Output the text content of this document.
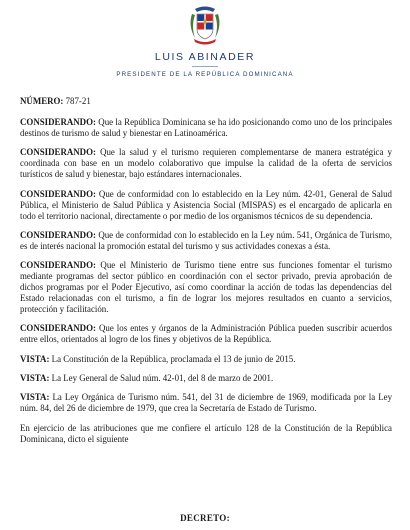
LUIS ABINADER
PRESIDENTE DE LA REPÚBLICA DOMINICANA

NÚMERO: 787-21

CONSIDERANDO: Que la República Dominicana se ha ido posicionando como uno de los principales destinos de turismo de salud y bienestar en Latinoamérica.

CONSIDERANDO: Que la salud y el turismo requieren complementarse de manera estratégica y coordinada con base en un modelo colaborativo que impulse la calidad de la oferta de servicios turísticos de salud y bienestar, bajo estándares internacionales.

CONSIDERANDO: Que de conformidad con lo establecido en la Ley núm. 42-01, General de Salud Pública, el Ministerio de Salud Pública y Asistencia Social (MISPAS) es el encargado de aplicarla en todo el territorio nacional, directamente o por medio de los organismos técnicos de su dependencia.

CONSIDERANDO: Que de conformidad con lo establecido en la Ley núm. 541, Orgánica de Turismo, es de interés nacional la promoción estatal del turismo y sus actividades conexas a ésta.

CONSIDERANDO: Que el Ministerio de Turismo tiene entre sus funciones fomentar el turismo mediante programas del sector público en coordinación con el sector privado, previa aprobación de dichos programas por el Poder Ejecutivo, así como coordinar la acción de todas las dependencias del Estado relacionadas con el turismo, a fin de lograr los mejores resultados en cuanto a servicios, protección y facilitación.

CONSIDERANDO: Que los entes y órganos de la Administración Pública pueden suscribir acuerdos entre ellos, orientados al logro de los fines y objetivos de la República.

VISTA: La Constitución de la República, proclamada el 13 de junio de 2015.

VISTA: La Ley General de Salud núm. 42-01, del 8 de marzo de 2001.

VISTA: La Ley Orgánica de Turismo núm. 541, del 31 de diciembre de 1969, modificada por la Ley núm. 84, del 26 de diciembre de 1979, que crea la Secretaría de Estado de Turismo.

En ejercicio de las atribuciones que me confiere el artículo 128 de la Constitución de la República Dominicana, dicto el siguiente

DECRETO:
